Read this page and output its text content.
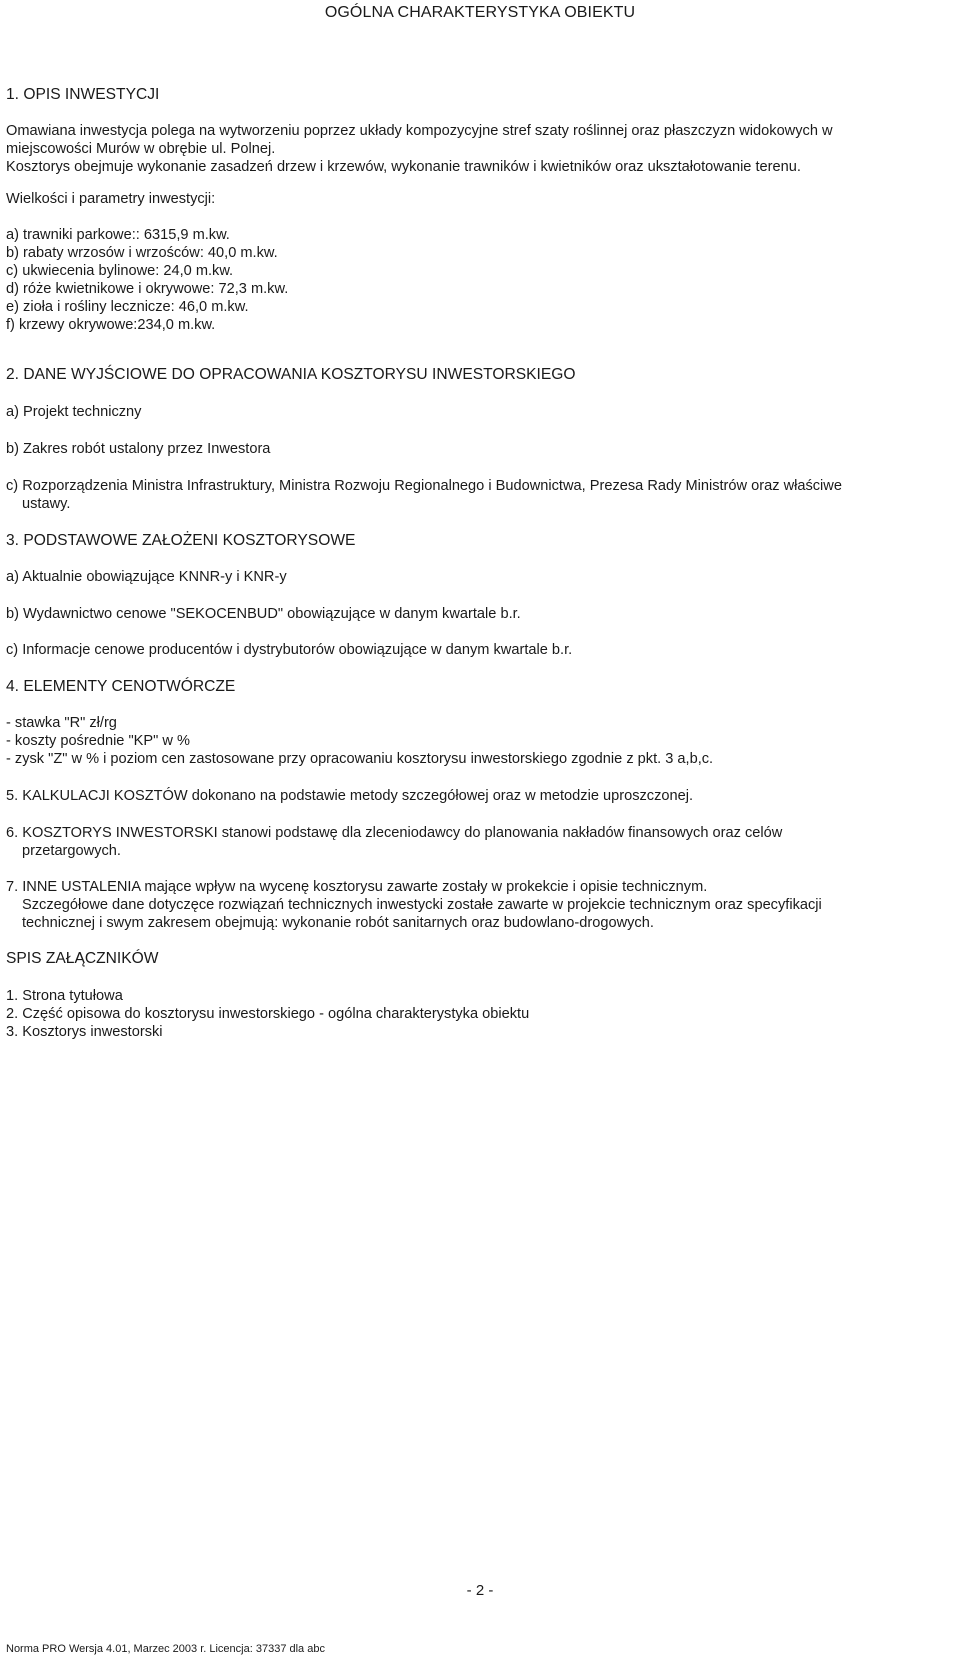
OGÓLNA CHARAKTERYSTYKA OBIEKTU
1. OPIS INWESTYCJI
Omawiana inwestycja polega na wytworzeniu poprzez układy kompozycyjne stref szaty roślinnej oraz płaszczyzn widokowych w
miejscowości Murów w obrębie ul. Polnej.
Kosztorys obejmuje wykonanie zasadzeń drzew i krzewów, wykonanie trawników i kwietników oraz ukształotowanie terenu.
Wielkości i parametry inwestycji:
a) trawniki parkowe:: 6315,9 m.kw.
b) rabaty wrzosów i wrzośców: 40,0 m.kw.
c) ukwiecenia bylinowe: 24,0 m.kw.
d) róże kwietnikowe i okrywowe: 72,3 m.kw.
e) zioła i rośliny lecznicze: 46,0 m.kw.
f) krzewy okrywowe:234,0 m.kw.
2. DANE WYJŚCIOWE DO OPRACOWANIA KOSZTORYSU INWESTORSKIEGO
a) Projekt techniczny
b) Zakres robót ustalony przez Inwestora
c) Rozporządzenia Ministra Infrastruktury, Ministra Rozwoju Regionalnego i Budownictwa, Prezesa Rady Ministrów oraz właściwe
ustawy.
3. PODSTAWOWE ZAŁOŻENI KOSZTORYSOWE
a) Aktualnie obowiązujące KNNR-y i KNR-y
b) Wydawnictwo cenowe "SEKOCENBUD" obowiązujące w danym kwartale b.r.
c) Informacje cenowe producentów i dystrybutorów obowiązujące w danym kwartale b.r.
4. ELEMENTY CENOTWÓRCZE
- stawka "R" zł/rg
- koszty pośrednie "KP" w %
- zysk "Z" w % i poziom cen zastosowane przy opracowaniu kosztorysu inwestorskiego zgodnie z pkt. 3 a,b,c.
5. KALKULACJI KOSZTÓW dokonano na podstawie metody szczegółowej oraz w metodzie uproszczonej.
6. KOSZTORYS INWESTORSKI stanowi podstawę dla zleceniodawcy do planowania nakładów finansowych oraz celów
przetargowych.
7. INNE USTALENIA mające wpływ na wycenę kosztorysu zawarte zostały w prokekcie i opisie technicznym.
Szczegółowe dane dotyczęce rozwiązań technicznych inwestycki zostałe zawarte w projekcie technicznym oraz specyfikacji
technicznej i swym zakresem obejmują: wykonanie robót sanitarnych oraz budowlano-drogowych.
SPIS ZAŁĄCZNIKÓW
1. Strona tytułowa
2. Część opisowa do kosztorysu inwestorskiego - ogólna charakterystyka obiektu
3. Kosztorys inwestorski
- 2 -
Norma PRO Wersja 4.01, Marzec 2003 r. Licencja: 37337 dla abc
